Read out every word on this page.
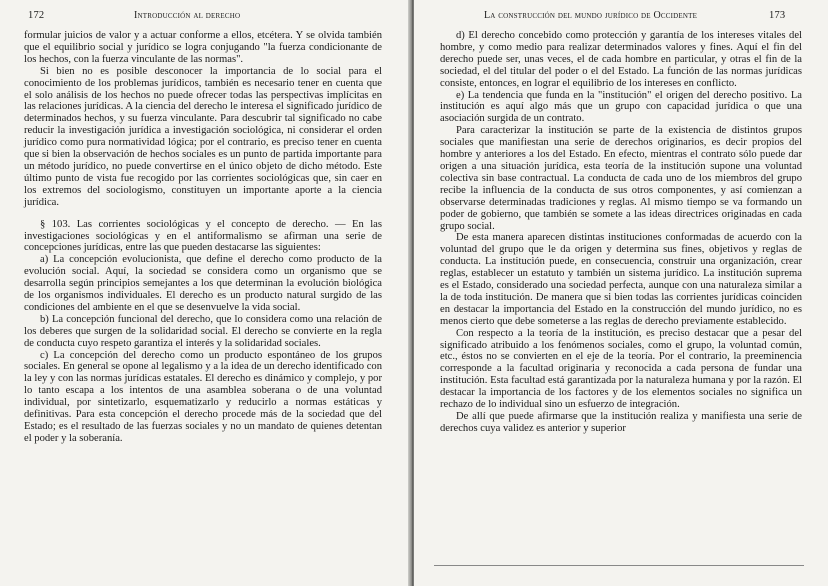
172	Introducción al derecho

formular juicios de valor y a actuar conforme a ellos, etcétera. Y se olvida también que el equilibrio social y jurídico se logra conjugando "la fuerza condicionante de los hechos, con la fuerza vinculante de las normas".

Si bien no es posible desconocer la importancia de lo social para el conocimiento de los problemas jurídicos, también es necesario tener en cuenta que el solo análisis de los hechos no puede ofrecer todas las perspectivas implícitas en las relaciones jurídicas. A la ciencia del derecho le interesa el significado jurídico de determinados hechos, y su fuerza vinculante. Para descubrir tal significado no cabe reducir la investigación jurídica a investigación sociológica, ni considerar el orden jurídico como pura normatividad lógica; por el contrario, es preciso tener en cuenta que si bien la observación de hechos sociales es un punto de partida importante para un método jurídico, no puede convertirse en el único objeto de dicho método. Este último punto de vista fue recogido por las corrientes sociológicas que, sin caer en los extremos del sociologismo, constituyen un importante aporte a la ciencia jurídica.

§ 103. Las corrientes sociológicas y el concepto de derecho. — En las investigaciones sociológicas y en el antiformalismo se afirman una serie de concepciones jurídicas, entre las que pueden destacarse las siguientes:

a) La concepción evolucionista, que define el derecho como producto de la evolución social. Aquí, la sociedad se considera como un organismo que se desarrolla según principios semejantes a los que determinan la evolución biológica de los organismos individuales. El derecho es un producto natural surgido de las condiciones del ambiente en el que se desenvuelve la vida social.

b) La concepción funcional del derecho, que lo considera como una relación de los deberes que surgen de la solidaridad social. El derecho se convierte en la regla de conducta cuyo respeto garantiza el interés y la solidaridad sociales.

c) La concepción del derecho como un producto espontáneo de los grupos sociales. En general se opone al legalismo y a la idea de un derecho identificado con la ley y con las normas jurídicas estatales. El derecho es dinámico y complejo, y por lo tanto escapa a los intentos de una asamblea soberana o de una voluntad individual, por sintetizarlo, esquematizarlo y reducirlo a normas estáticas y definitivas. Para esta concepción el derecho procede más de la sociedad que del Estado; es el resultado de las fuerzas sociales y no un mandato de quienes detentan el poder y la soberanía.

La construcción del mundo jurídico de Occidente	173

d) El derecho concebido como protección y garantía de los intereses vitales del hombre, y como medio para realizar determinados valores y fines. Aquí el fin del derecho puede ser, unas veces, el de cada hombre en particular, y otras el fin de la sociedad, el del titular del poder o el del Estado. La función de las normas jurídicas consiste, entonces, en lograr el equilibrio de los intereses en conflicto.

e) La tendencia que funda en la "institución" el origen del derecho positivo. La institución es aquí algo más que un grupo con capacidad jurídica o que una asociación surgida de un contrato.

Para caracterizar la institución se parte de la existencia de distintos grupos sociales que manifiestan una serie de derechos originarios, es decir propios del hombre y anteriores a los del Estado. En efecto, mientras el contrato sólo puede dar origen a una situación jurídica, esta teoría de la institución supone una voluntad colectiva sin base contractual. La conducta de cada uno de los miembros del grupo recibe la influencia de la conducta de sus otros componentes, y así comienzan a observarse determinadas tradiciones y reglas. Al mismo tiempo se va formando un poder de gobierno, que también se somete a las ideas directrices originadas en cada grupo social.

De esta manera aparecen distintas instituciones conformadas de acuerdo con la voluntad del grupo que le da origen y determina sus fines, objetivos y reglas de conducta. La institución puede, en consecuencia, construir una organización, crear reglas, establecer un estatuto y también un sistema jurídico. La institución suprema es el Estado, considerado una sociedad perfecta, aunque con una naturaleza similar a la de toda institución. De manera que si bien todas las corrientes jurídicas coinciden en destacar la importancia del Estado en la construcción del mundo jurídico, no es menos cierto que debe someterse a las reglas de derecho previamente establecido.

Con respecto a la teoría de la institución, es preciso destacar que a pesar del significado atribuido a los fenómenos sociales, como el grupo, la voluntad común, etc., éstos no se convierten en el eje de la teoría. Por el contrario, la preeminencia corresponde a la facultad originaria y reconocida a cada persona de fundar una institución. Esta facultad está garantizada por la naturaleza humana y por la razón. El destacar la importancia de los factores y de los elementos sociales no significa un rechazo de lo individual sino un esfuerzo de integración.

De allí que puede afirmarse que la institución realiza y manifiesta una serie de derechos cuya validez es anterior y superior
